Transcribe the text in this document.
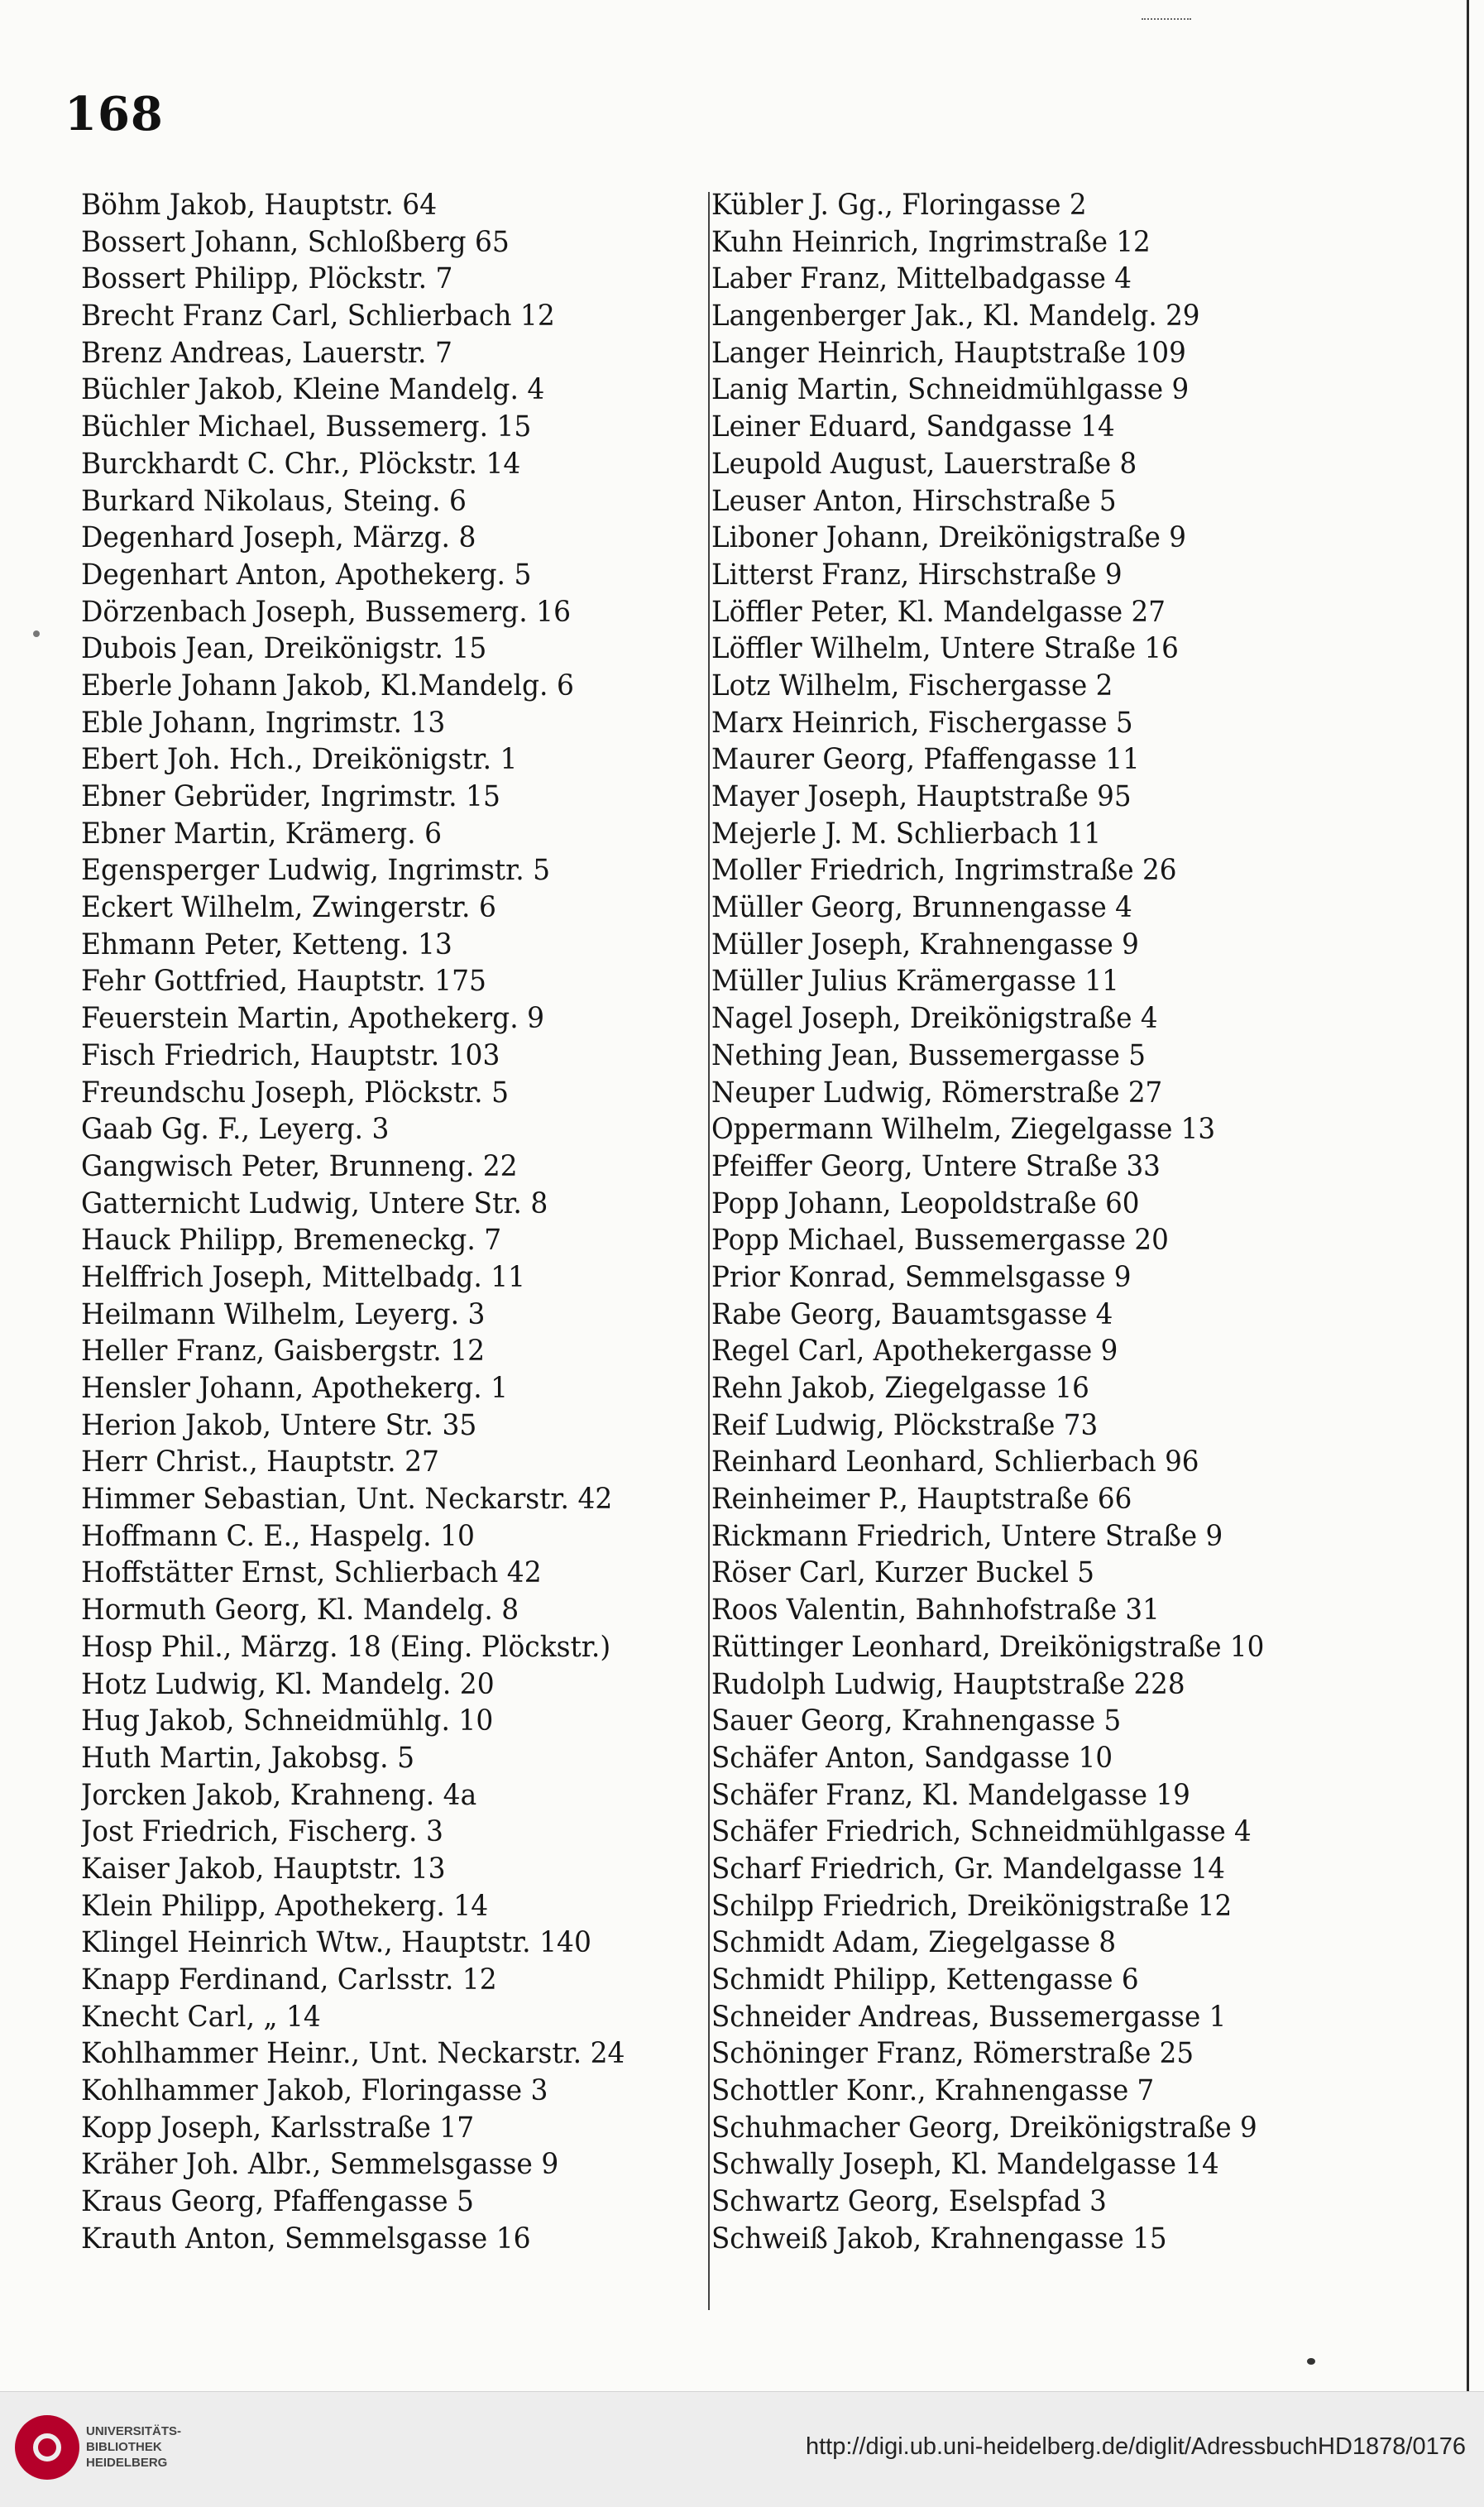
168
Böhm Jakob, Hauptstr. 64
Bossert Johann, Schloßberg 65
Bossert Philipp, Plöckstr. 7
Brecht Franz Carl, Schlierbach 12
Brenz Andreas, Lauerstr. 7
Büchler Jakob, Kleine Mandelg. 4
Büchler Michael, Bussemerg. 15
Burckhardt C. Chr., Plöckstr. 14
Burkard Nikolaus, Steing. 6
Degenhard Joseph, Märzg. 8
Degenhart Anton, Apothekerg. 5
Dörzenbach Joseph, Bussemerg. 16
Dubois Jean, Dreikönigstr. 15
Eberle Johann Jakob, Kl.Mandelg. 6
Eble Johann, Ingrimstr. 13
Ebert Joh. Hch., Dreikönigstr. 1
Ebner Gebrüder, Ingrimstr. 15
Ebner Martin, Krämerg. 6
Egensperger Ludwig, Ingrimstr. 5
Eckert Wilhelm, Zwingerstr. 6
Ehmann Peter, Ketteng. 13
Fehr Gottfried, Hauptstr. 175
Feuerstein Martin, Apothekerg. 9
Fisch Friedrich, Hauptstr. 103
Freundschu Joseph, Plöckstr. 5
Gaab Gg. F., Leyerg. 3
Gangwisch Peter, Brunneng. 22
Gatternicht Ludwig, Untere Str. 8
Hauck Philipp, Bremeneckg. 7
Helffrich Joseph, Mittelbadg. 11
Heilmann Wilhelm, Leyerg. 3
Heller Franz, Gaisbergstr. 12
Hensler Johann, Apothekerg. 1
Herion Jakob, Untere Str. 35
Herr Christ., Hauptstr. 27
Himmer Sebastian, Unt. Neckarstr. 42
Hoffmann C. E., Haspelg. 10
Hoffstätter Ernst, Schlierbach 42
Hormuth Georg, Kl. Mandelg. 8
Hosp Phil., Märzg. 18 (Eing. Plöckstr.)
Hotz Ludwig, Kl. Mandelg. 20
Hug Jakob, Schneidmühlg. 10
Huth Martin, Jakobsg. 5
Jorcken Jakob, Krahneng. 4a
Jost Friedrich, Fischerg. 3
Kaiser Jakob, Hauptstr. 13
Klein Philipp, Apothekerg. 14
Klingel Heinrich Wtw., Hauptstr. 140
Knapp Ferdinand, Carlsstr. 12
Knecht Carl, „ 14
Kohlhammer Heinr., Unt. Neckarstr. 24
Kohlhammer Jakob, Floringasse 3
Kopp Joseph, Karlsstraße 17
Kräher Joh. Albr., Semmelsgasse 9
Kraus Georg, Pfaffengasse 5
Krauth Anton, Semmelsgasse 16
Kübler J. Gg., Floringasse 2
Kuhn Heinrich, Ingrimstraße 12
Laber Franz, Mittelbadgasse 4
Langenberger Jak., Kl. Mandelg. 29
Langer Heinrich, Hauptstraße 109
Lanig Martin, Schneidmühlgasse 9
Leiner Eduard, Sandgasse 14
Leupold August, Lauerstraße 8
Leuser Anton, Hirschstraße 5
Liboner Johann, Dreikönigstraße 9
Litterst Franz, Hirschstraße 9
Löffler Peter, Kl. Mandelgasse 27
Löffler Wilhelm, Untere Straße 16
Lotz Wilhelm, Fischergasse 2
Marx Heinrich, Fischergasse 5
Maurer Georg, Pfaffengasse 11
Mayer Joseph, Hauptstraße 95
Mejerle J. M. Schlierbach 11
Moller Friedrich, Ingrimstraße 26
Müller Georg, Brunnengasse 4
Müller Joseph, Krahnengasse 9
Müller Julius Krämergasse 11
Nagel Joseph, Dreikönigstraße 4
Nething Jean, Bussemergasse 5
Neuper Ludwig, Römerstraße 27
Oppermann Wilhelm, Ziegelgasse 13
Pfeiffer Georg, Untere Straße 33
Popp Johann, Leopoldstraße 60
Popp Michael, Bussemergasse 20
Prior Konrad, Semmelsgasse 9
Rabe Georg, Bauamtsgasse 4
Regel Carl, Apothekergasse 9
Rehn Jakob, Ziegelgasse 16
Reif Ludwig, Plöckstraße 73
Reinhard Leonhard, Schlierbach 96
Reinheimer P., Hauptstraße 66
Rickmann Friedrich, Untere Straße 9
Röser Carl, Kurzer Buckel 5
Roos Valentin, Bahnhofstraße 31
Rüttinger Leonhard, Dreikönigstraße 10
Rudolph Ludwig, Hauptstraße 228
Sauer Georg, Krahnengasse 5
Schäfer Anton, Sandgasse 10
Schäfer Franz, Kl. Mandelgasse 19
Schäfer Friedrich, Schneidmühlgasse 4
Scharf Friedrich, Gr. Mandelgasse 14
Schilpp Friedrich, Dreikönigstraße 12
Schmidt Adam, Ziegelgasse 8
Schmidt Philipp, Kettengasse 6
Schneider Andreas, Bussemergasse 1
Schöninger Franz, Römerstraße 25
Schottler Konr., Krahnengasse 7
Schuhmacher Georg, Dreikönigstraße 9
Schwally Joseph, Kl. Mandelgasse 14
Schwartz Georg, Eselspfad 3
Schweiß Jakob, Krahnengasse 15
UNIVERSITÄTS-
BIBLIOTHEK
HEIDELBERG
http://digi.ub.uni-heidelberg.de/diglit/AdressbuchHD1878/0176
